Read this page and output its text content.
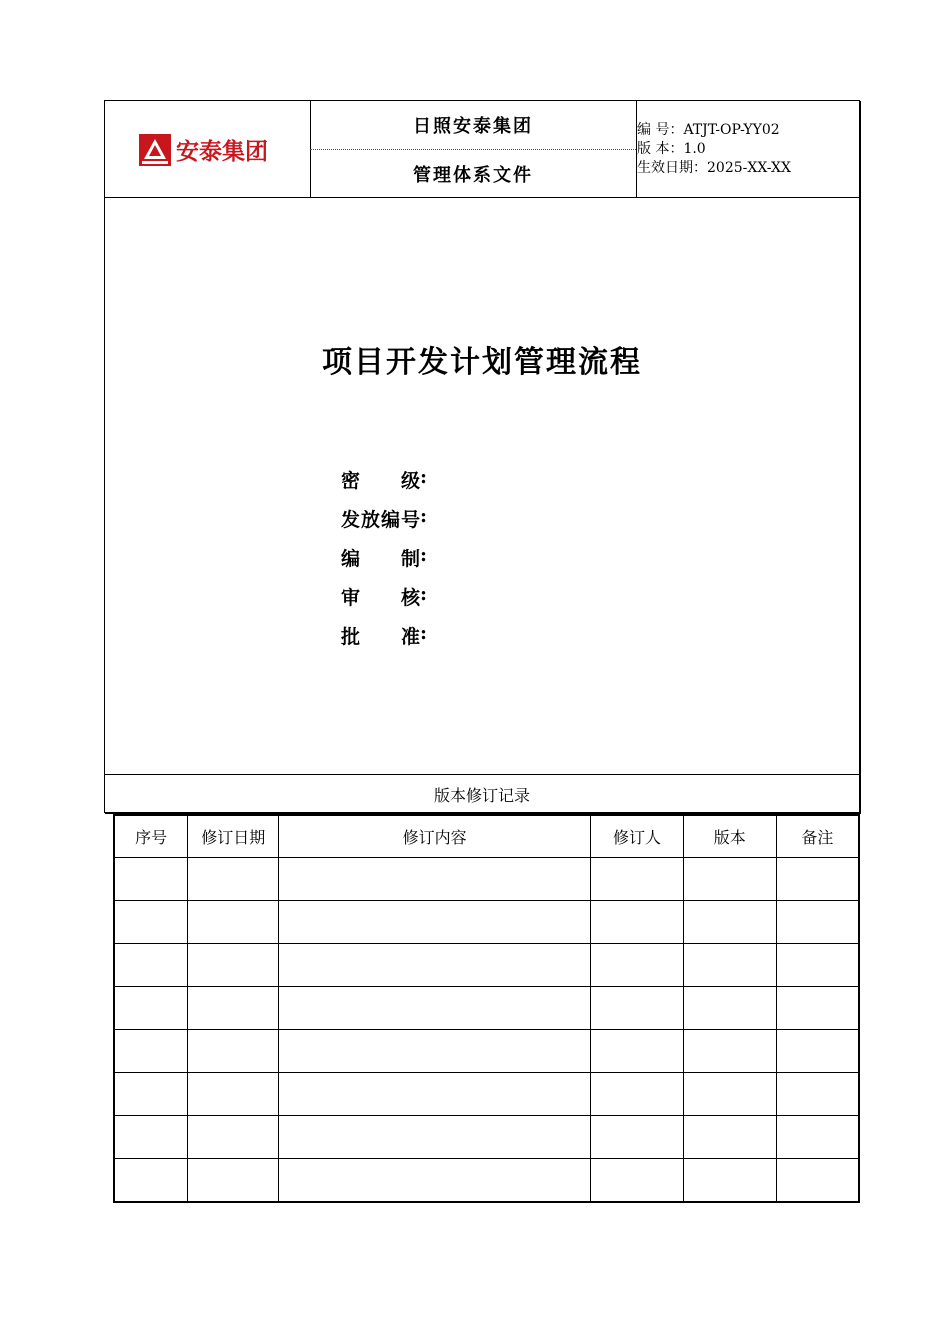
安泰集团
日照安泰集团
管理体系文件
编 号：ATJT-OP-YY02
版 本：1.0
生效日期：2025-XX-XX
项目开发计划管理流程
密 级 :
发 放 编 号 :
编 制 :
审 核 :
批 准 :
版本修订记录
序号	修订日期	修订内容	修订人	版本	备注
